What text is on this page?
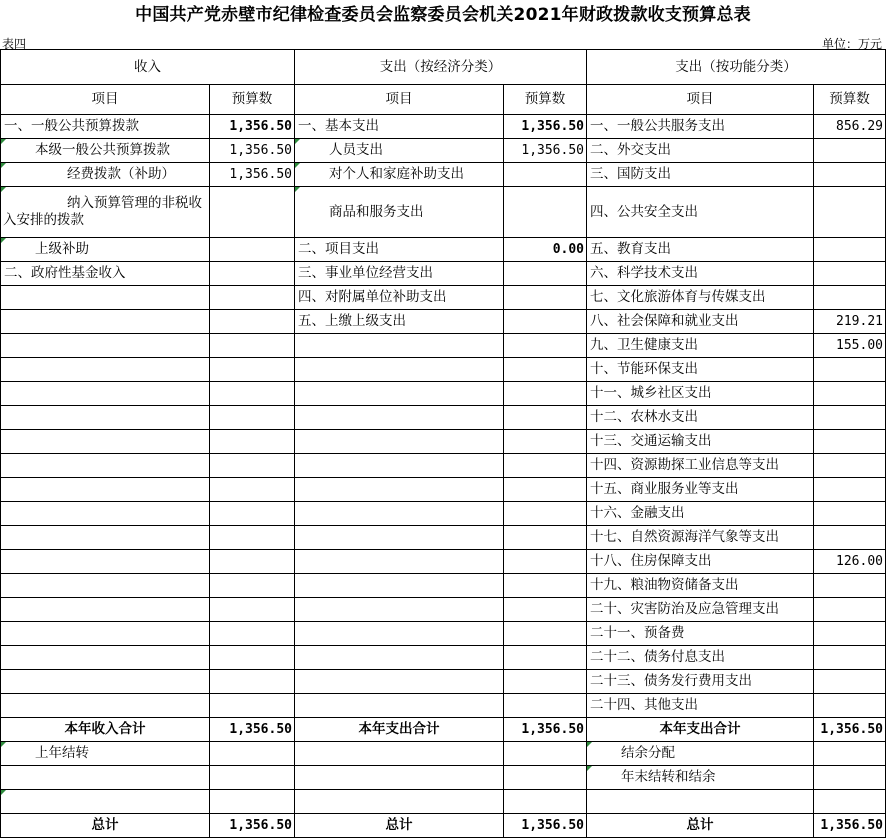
中国共产党赤壁市纪律检查委员会监察委员会机关2021年财政拨款收支预算总表
表四	单位：万元
收入		支出（按经济分类）		支出（按功能分类）	
项目	预算数	项目	预算数	项目	预算数
一、一般公共预算拨款	1,356.50	一、基本支出	1,356.50	一、一般公共服务支出	856.29
本级一般公共预算拨款	1,356.50	人员支出	1,356.50	二、外交支出	
经费拨款（补助）	1,356.50	对个人和家庭补助支出		三、国防支出	
纳入预算管理的非税收入安排的拨款		商品和服务支出		四、公共安全支出	
上级补助		二、项目支出	0.00	五、教育支出	
二、政府性基金收入		三、事业单位经营支出		六、科学技术支出	
		四、对附属单位补助支出		七、文化旅游体育与传媒支出	
		五、上缴上级支出		八、社会保障和就业支出	219.21
				九、卫生健康支出	155.00
				十、节能环保支出	
				十一、城乡社区支出	
				十二、农林水支出	
				十三、交通运输支出	
				十四、资源勘探工业信息等支出	
				十五、商业服务业等支出	
				十六、金融支出	
				十七、自然资源海洋气象等支出	
				十八、住房保障支出	126.00
				十九、粮油物资储备支出	
				二十、灾害防治及应急管理支出	
				二十一、预备费	
				二十二、债务付息支出	
				二十三、债务发行费用支出	
				二十四、其他支出	
本年收入合计	1,356.50	本年支出合计	1,356.50	本年支出合计	1,356.50
上年结转				结余分配	
				年末结转和结余	

总计	1,356.50	总计	1,356.50	总计	1,356.50
